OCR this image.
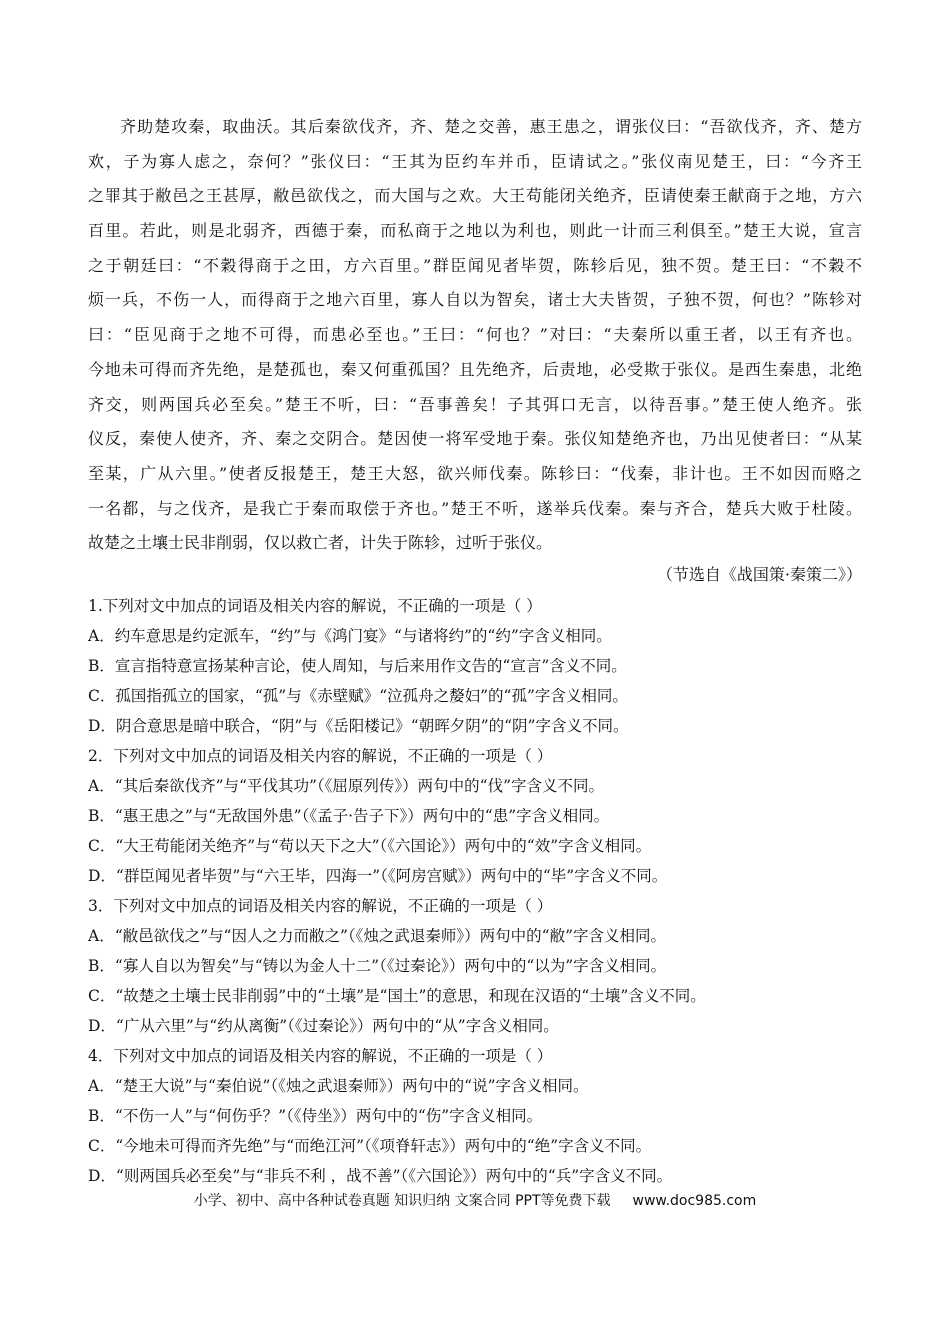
齐助楚攻秦，取曲沃。其后秦欲伐齐，齐、楚之交善，惠王患之，谓张仪曰：“吾欲伐齐，齐、楚方
欢，子为寡人虑之，奈何？”张仪曰：“王其为臣约车并币，臣请试之。”张仪南见楚王，曰：“今齐王
之罪其于敝邑之王甚厚，敝邑欲伐之，而大国与之欢。大王苟能闭关绝齐，臣请使秦王献商于之地，方六
百里。若此，则是北弱齐，西德于秦，而私商于之地以为利也，则此一计而三利俱至。”楚王大说，宣言
之于朝廷曰：“不穀得商于之田，方六百里。”群臣闻见者毕贺，陈轸后见，独不贺。楚王曰：“不穀不
烦一兵，不伤一人，而得商于之地六百里，寡人自以为智矣，诸士大夫皆贺，子独不贺，何也？”陈轸对
曰：“臣见商于之地不可得，而患必至也。”王曰：“何也？”对曰：“夫秦所以重王者，以王有齐也。
今地未可得而齐先绝，是楚孤也，秦又何重孤国？且先绝齐，后责地，必受欺于张仪。是西生秦患，北绝
齐交，则两国兵必至矣。”楚王不听，曰：“吾事善矣！子其弭口无言，以待吾事。”楚王使人绝齐。张
仪反，秦使人使齐，齐、秦之交阴合。楚因使一将军受地于秦。张仪知楚绝齐也，乃出见使者曰：“从某
至某，广从六里。”使者反报楚王，楚王大怒，欲兴师伐秦。陈轸曰：“伐秦，非计也。王不如因而赂之
一名都，与之伐齐，是我亡于秦而取偿于齐也。”楚王不听，遂举兵伐秦。秦与齐合，楚兵大败于杜陵。
故楚之土壤士民非削弱，仅以救亡者，计失于陈轸，过听于张仪。
（节选自《战国策·秦策二》）
1.下列对文中加点的词语及相关内容的解说，不正确的一项是（ ）
A．约车意思是约定派车，“约”与《鸿门宴》“与诸将约”的“约”字含义相同。
B．宣言指特意宣扬某种言论，使人周知，与后来用作文告的“宣言”含义不同。
C．孤国指孤立的国家，“孤”与《赤壁赋》“泣孤舟之嫠妇”的“孤”字含义相同。
D．阴合意思是暗中联合，“阴”与《岳阳楼记》“朝晖夕阴”的“阴”字含义不同。
2．下列对文中加点的词语及相关内容的解说，不正确的一项是（ ）
A．“其后秦欲伐齐”与“平伐其功”（《屈原列传》）两句中的“伐”字含义不同。
B．“惠王患之”与“无敌国外患”（《孟子·告子下》）两句中的“患”字含义相同。
C．“大王苟能闭关绝齐”与“苟以天下之大”（《六国论》）两句中的“效”字含义相同。
D．“群臣闻见者毕贺”与“六王毕，四海一”（《阿房宫赋》）两句中的“毕”字含义不同。
3．下列对文中加点的词语及相关内容的解说，不正确的一项是（ ）
A．“敝邑欲伐之”与“因人之力而敝之”（《烛之武退秦师》）两句中的“敝”字含义相同。
B．“寡人自以为智矣”与“铸以为金人十二”（《过秦论》）两句中的“以为”字含义相同。
C．“故楚之土壤士民非削弱”中的“土壤”是“国土”的意思，和现在汉语的“土壤”含义不同。
D．“广从六里”与“约从离衡”（《过秦论》）两句中的“从”字含义相同。
4．下列对文中加点的词语及相关内容的解说，不正确的一项是（ ）
A．“楚王大说”与“秦伯说”（《烛之武退秦师》）两句中的“说”字含义相同。
B．“不伤一人”与“何伤乎？”（《侍坐》）两句中的“伤”字含义相同。
C．“今地未可得而齐先绝”与“而绝江河”（《项脊轩志》）两句中的“绝”字含义不同。
D．“则两国兵必至矣”与“非兵不利 ，战不善”（《六国论》）两句中的“兵”字含义不同。
小学、初中、高中各种试卷真题 知识归纳 文案合同 PPT等免费下载 www.doc985.com
